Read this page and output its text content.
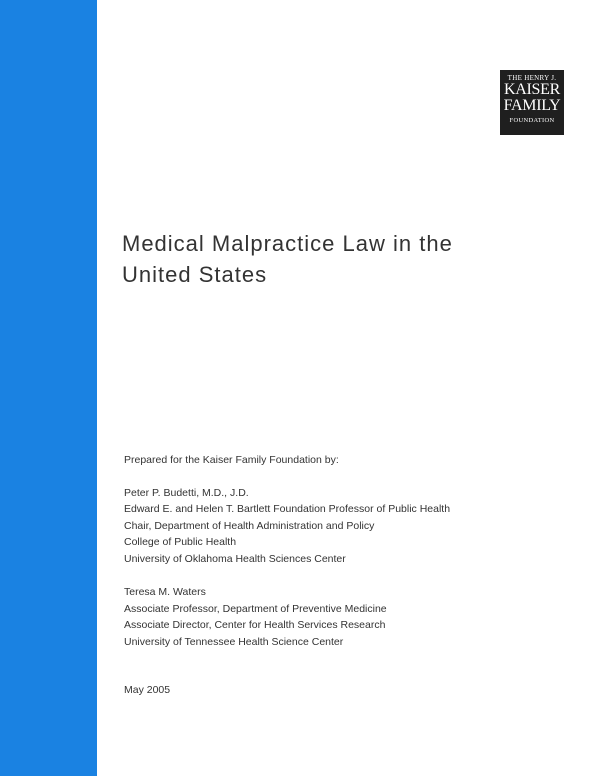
THE HENRY J.
KAISER
FAMILY
FOUNDATION
Medical Malpractice Law in the
United States

Prepared for the Kaiser Family Foundation by:

Peter P. Budetti, M.D., J.D.

Edward E. and Helen T. Bartlett Foundation Professor of Public Health

Chair, Department of Health Administration and Policy

College of Public Health

University of Oklahoma Health Sciences Center

Teresa M. Waters

Associate Professor, Department of Preventive Medicine

Associate Director, Center for Health Services Research

University of Tennessee Health Science Center

May 2005
